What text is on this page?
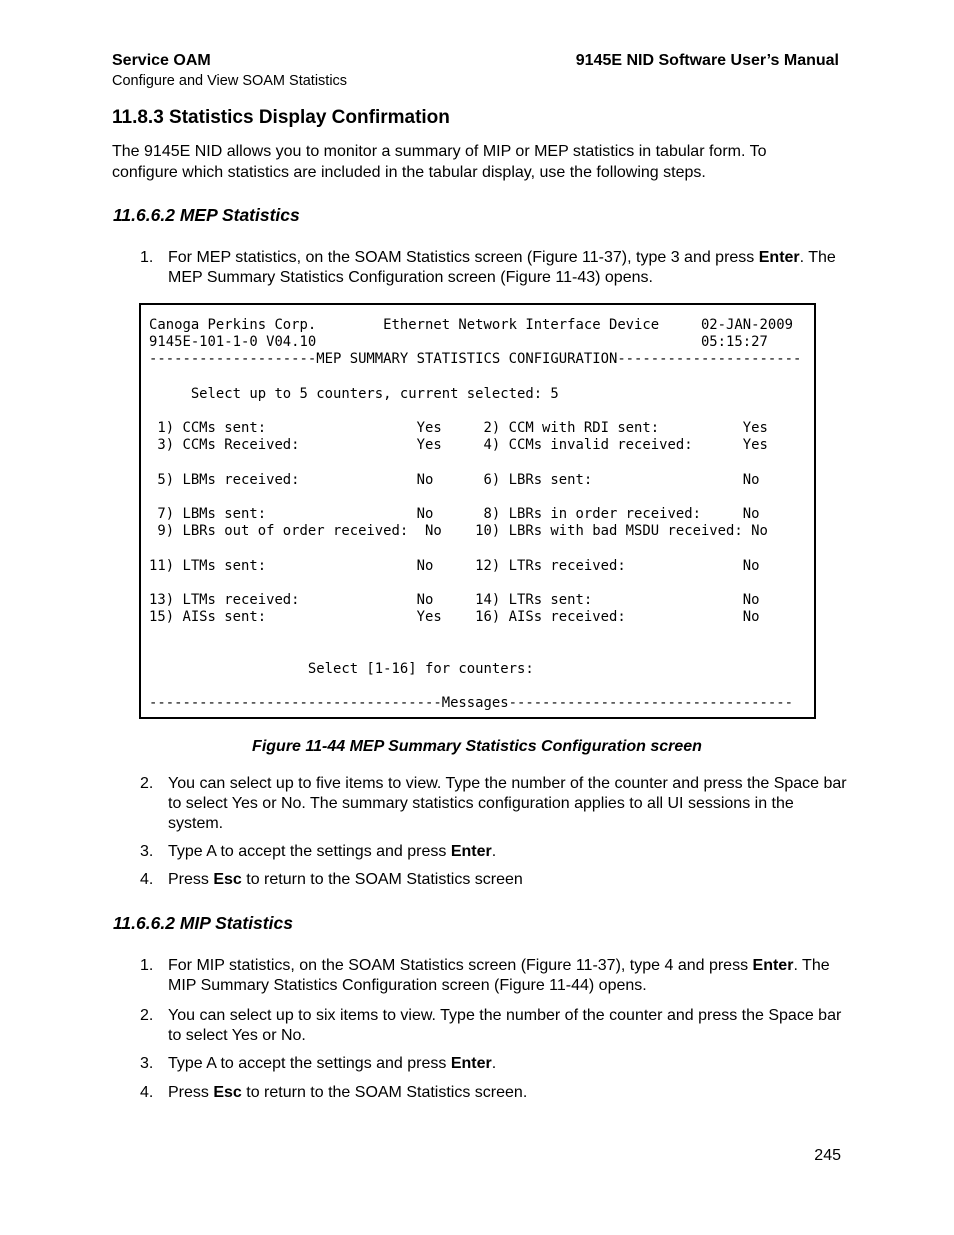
Service OAM	9145E NID Software User’s Manual
Configure and View SOAM Statistics
11.8.3 Statistics Display Confirmation
The 9145E NID allows you to monitor a summary of MIP or MEP statistics in tabular form. To configure which statistics are included in the tabular display, use the following steps.
11.6.6.2 MEP Statistics
1. For MEP statistics, on the SOAM Statistics screen (Figure 11-37), type 3 and press Enter. The MEP Summary Statistics Configuration screen (Figure 11-43) opens.
Canoga Perkins Corp.        Ethernet Network Interface Device     02-JAN-2009
9145E-101-1-0 V04.10                                              05:15:27
--------------------MEP SUMMARY STATISTICS CONFIGURATION----------------------

Select up to 5 counters, current selected: 5

1) CCMs sent:                  Yes     2) CCM with RDI sent:          Yes
3) CCMs Received:              Yes     4) CCMs invalid received:      Yes

5) LBMs received:              No      6) LBRs sent:                  No

7) LBMs sent:                  No      8) LBRs in order received:     No
9) LBRs out of order received:  No    10) LBRs with bad MSDU received: No

11) LTMs sent:                  No     12) LTRs received:              No

13) LTMs received:              No     14) LTRs sent:                  No
15) AISs sent:                  Yes    16) AISs received:              No

Select [1-16] for counters:

-----------------------------------Messages----------------------------------
Figure 11-44 MEP Summary Statistics Configuration screen
2. You can select up to five items to view. Type the number of the counter and press the Space bar to select Yes or No. The summary statistics configuration applies to all UI sessions in the system.
3. Type A to accept the settings and press Enter.
4. Press Esc to return to the SOAM Statistics screen
11.6.6.2 MIP Statistics
1. For MIP statistics, on the SOAM Statistics screen (Figure 11-37), type 4 and press Enter. The MIP Summary Statistics Configuration screen (Figure 11-44) opens.
2. You can select up to six items to view. Type the number of the counter and press the Space bar to select Yes or No.
3. Type A to accept the settings and press Enter.
4. Press Esc to return to the SOAM Statistics screen.
245
